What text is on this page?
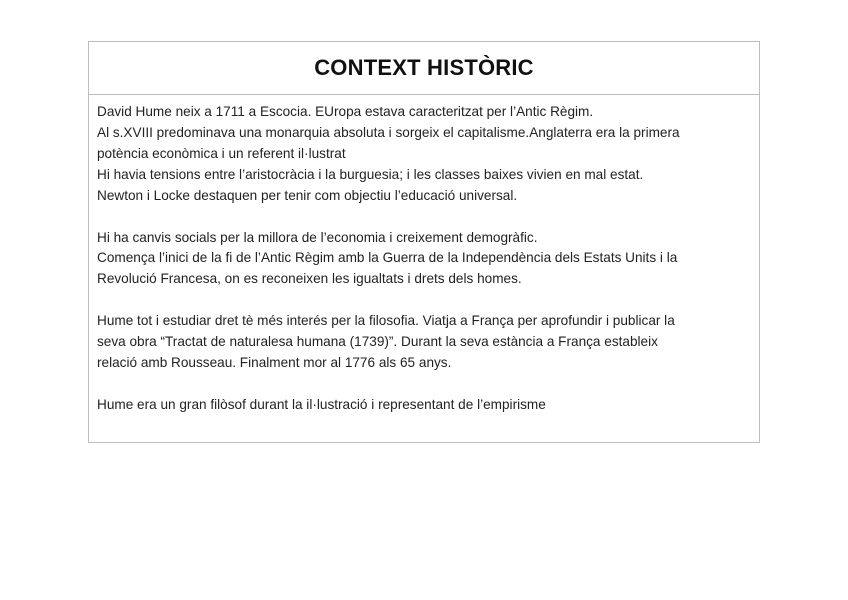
CONTEXT HISTÒRIC

David Hume neix a 1711 a Escocia. EUropa estava caracteritzat per l’Antic Règim.
Al s.XVIII predominava una monarquia absoluta i sorgeix el capitalisme.Anglaterra era la primera
potència econòmica i un referent il·lustrat
Hi havia tensions entre l’aristocràcia i la burguesia; i les classes baixes vivien en mal estat.
Newton i Locke destaquen per tenir com objectiu l’educació universal.

Hi ha canvis socials per la millora de l’economia i creixement demogràfic.
Comença l’inici de la fi de l’Antic Règim amb la Guerra de la Independència dels Estats Units i la
Revolució Francesa, on es reconeixen les igualtats i drets dels homes.

Hume tot i estudiar dret tè més interés per la filosofia. Viatja a França per aprofundir i publicar la
seva obra “Tractat de naturalesa humana (1739)”. Durant la seva estància a França estableix
relació amb Rousseau. Finalment mor al 1776 als 65 anys.

Hume era un gran filòsof durant la il·lustració i representant de l’empirisme
